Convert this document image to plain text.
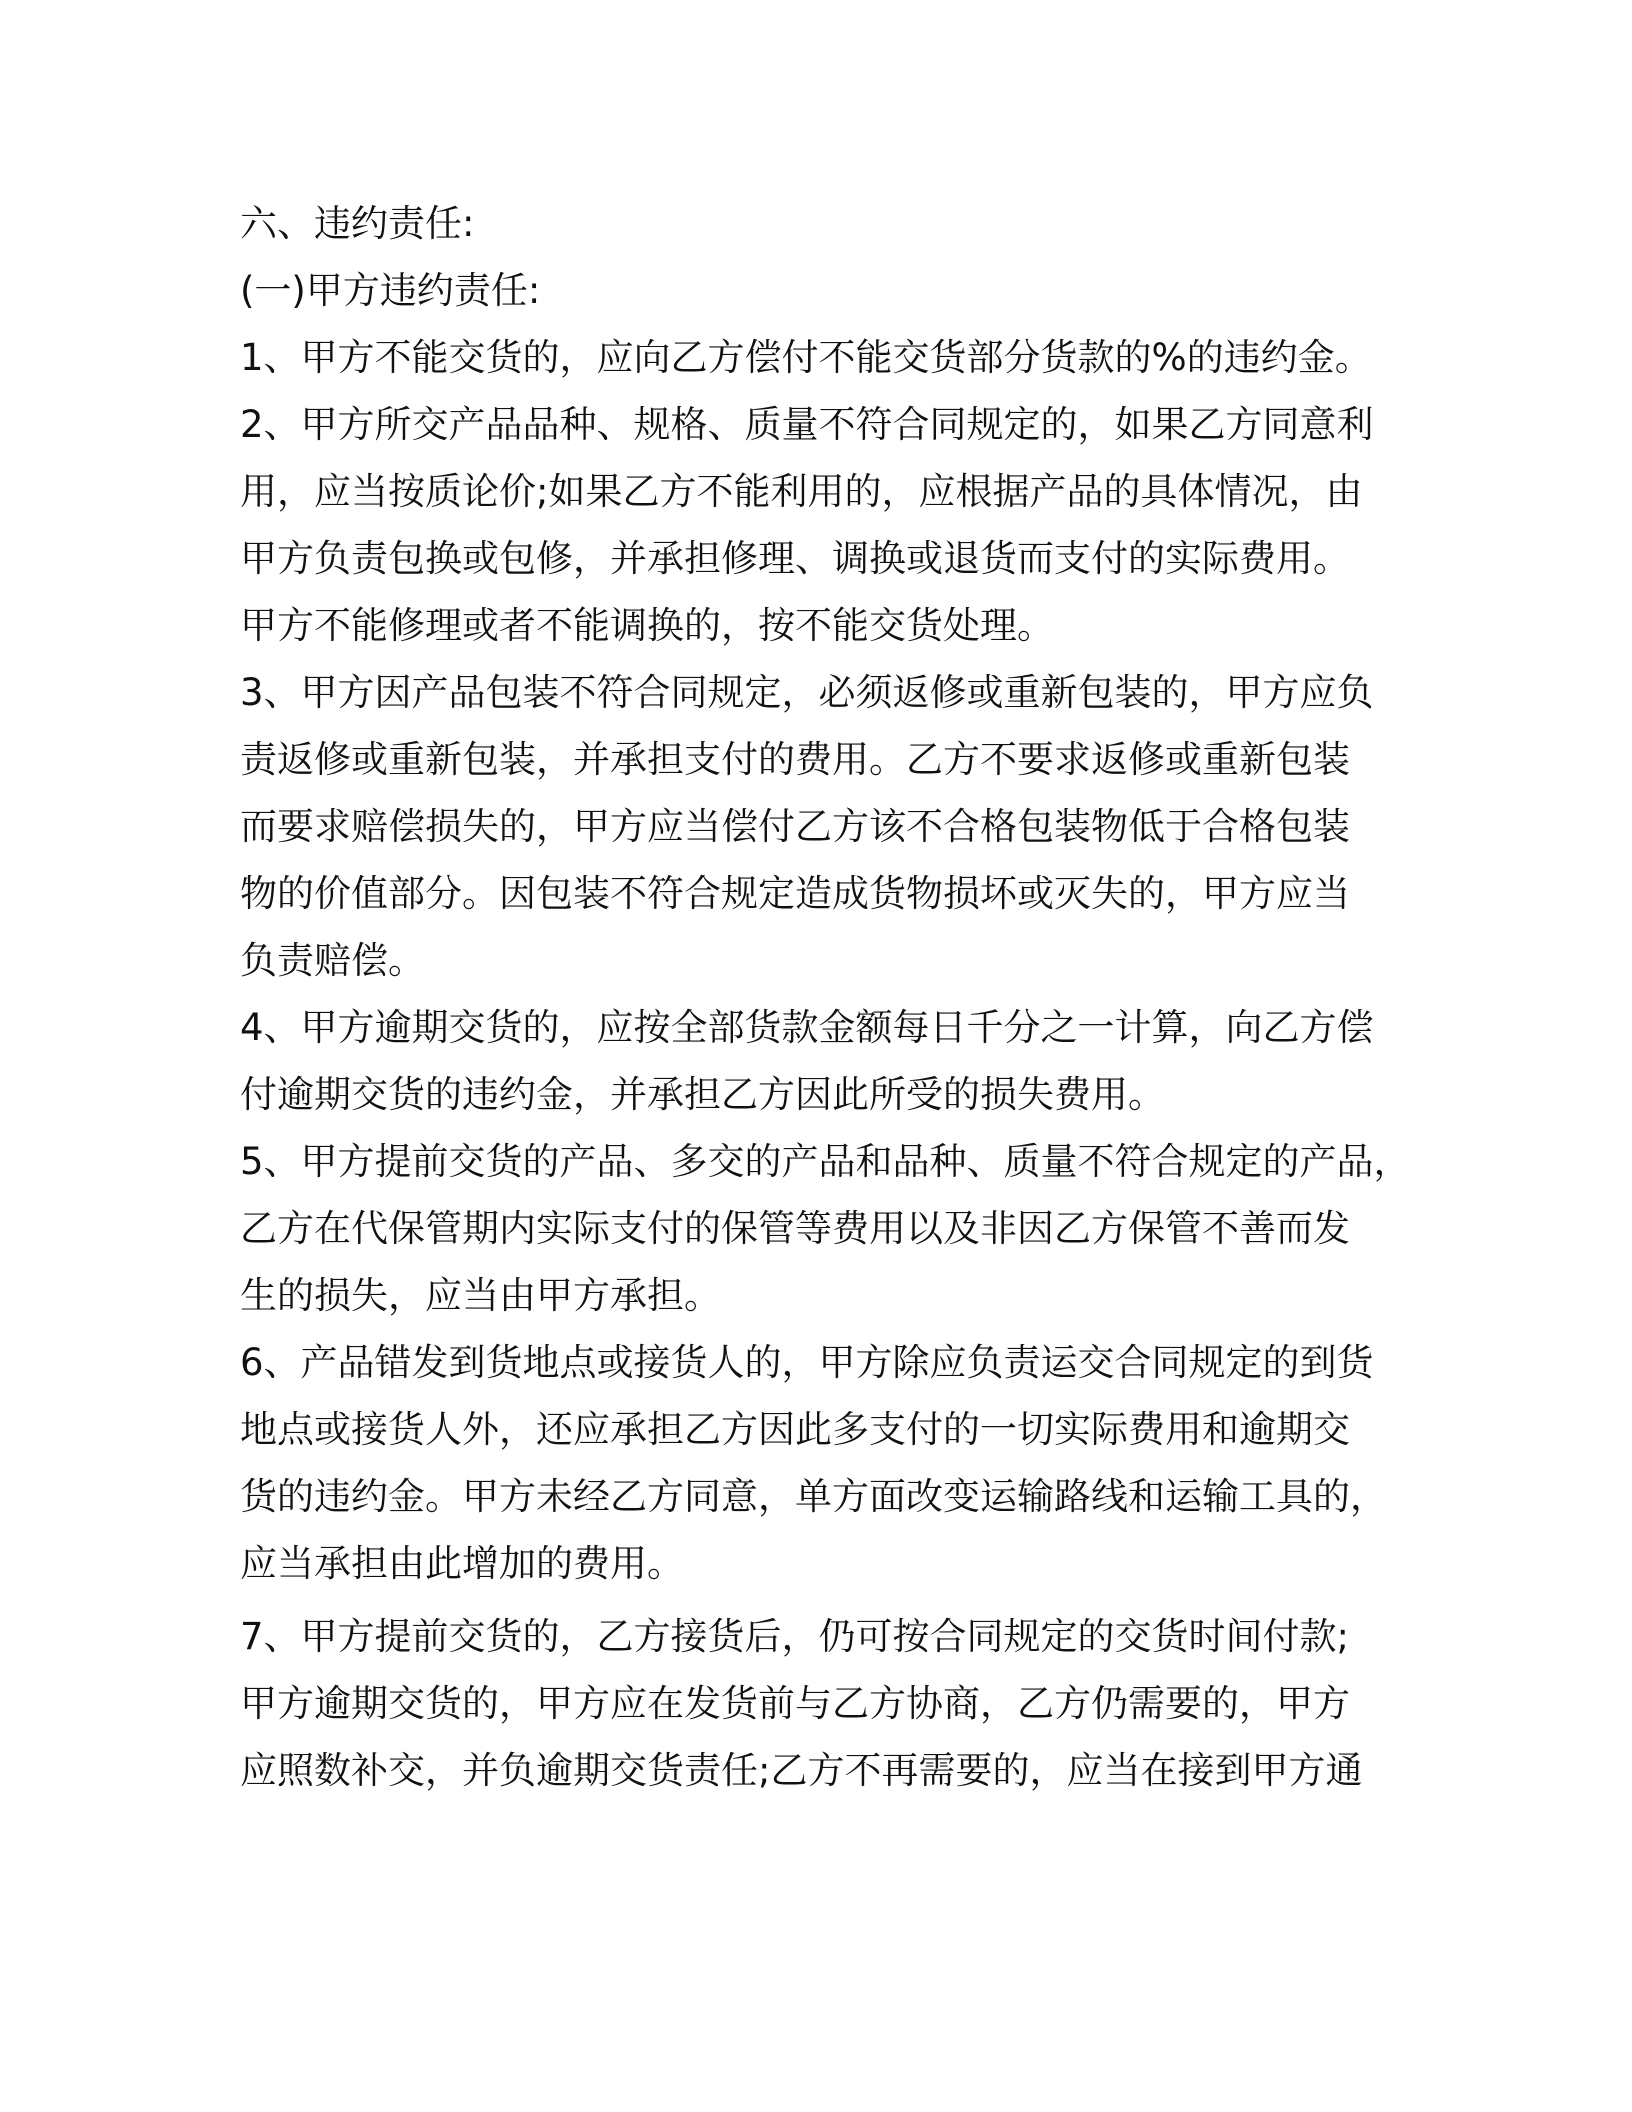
六、违约责任:
(一)甲方违约责任:
1、甲方不能交货的，应向乙方偿付不能交货部分货款的%的违约金。
2、甲方所交产品品种、规格、质量不符合同规定的，如果乙方同意利
用，应当按质论价;如果乙方不能利用的，应根据产品的具体情况，由
甲方负责包换或包修，并承担修理、调换或退货而支付的实际费用。
甲方不能修理或者不能调换的，按不能交货处理。
3、甲方因产品包装不符合同规定，必须返修或重新包装的，甲方应负
责返修或重新包装，并承担支付的费用。乙方不要求返修或重新包装
而要求赔偿损失的，甲方应当偿付乙方该不合格包装物低于合格包装
物的价值部分。因包装不符合规定造成货物损坏或灭失的，甲方应当
负责赔偿。
4、甲方逾期交货的，应按全部货款金额每日千分之一计算，向乙方偿
付逾期交货的违约金，并承担乙方因此所受的损失费用。
5、甲方提前交货的产品、多交的产品和品种、质量不符合规定的产品，
乙方在代保管期内实际支付的保管等费用以及非因乙方保管不善而发
生的损失，应当由甲方承担。
6、产品错发到货地点或接货人的，甲方除应负责运交合同规定的到货
地点或接货人外，还应承担乙方因此多支付的一切实际费用和逾期交
货的违约金。甲方未经乙方同意，单方面改变运输路线和运输工具的，
应当承担由此增加的费用。
7、甲方提前交货的，乙方接货后，仍可按合同规定的交货时间付款;
甲方逾期交货的，甲方应在发货前与乙方协商，乙方仍需要的，甲方
应照数补交，并负逾期交货责任;乙方不再需要的，应当在接到甲方通
